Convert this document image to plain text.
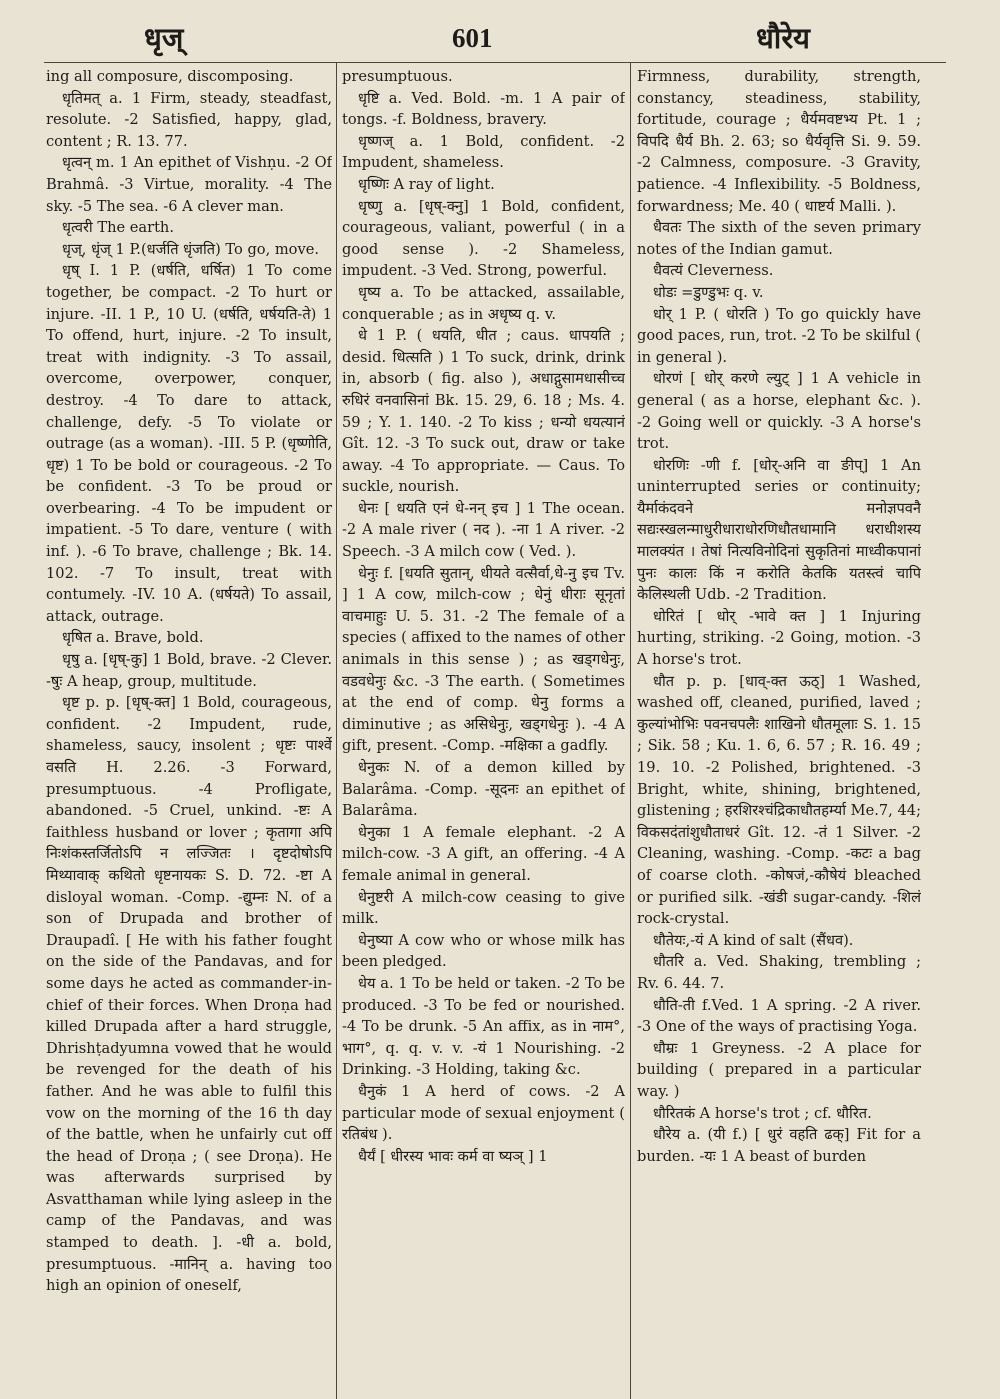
धृज्	601	धौरेय

ing all composure, discomposing.

धृतिमत् a. 1 Firm, steady, steadfast, resolute. -2 Satisfied, happy, glad, content ; R. 13. 77.

धृत्वन् m. 1 An epithet of Vishṇu. -2 Of Brahmâ. -3 Virtue, morality. -4 The sky. -5 The sea. -6 A clever man.

धृत्वरी The earth.

धृज्, धृंज् 1 P.(धर्जति धृंजति) To go, move.

धृष् I. 1 P. (धर्षति, धर्षित) 1 To come together, be compact. -2 To hurt or injure. -II. 1 P., 10 U. (धर्षति, धर्षयति-ते) 1 To offend, hurt, injure. -2 To insult, treat with indignity. -3 To assail, overcome, overpower, conquer, destroy. -4 To dare to attack, challenge, defy. -5 To violate or outrage (as a woman). -III. 5 P. (धृष्णोति, धृष्ट) 1 To be bold or courageous. -2 To be confident. -3 To be proud or overbearing. -4 To be impudent or impatient. -5 To dare, venture ( with inf. ). -6 To brave, challenge ; Bk. 14. 102. -7 To insult, treat with contumely. -IV. 10 A. (धर्षयते) To assail, attack, outrage.

धृषित a. Brave, bold.

धृषु a. [धृष्-कु] 1 Bold, brave. -2 Clever. -षुः A heap, group, multitude.

धृष्ट p. p. [धृष्-क्त] 1 Bold, courageous, confident. -2 Impudent, rude, shameless, saucy, insolent ; धृष्टः पार्श्वे वसति H. 2.26. -3 Forward, presumptuous. -4 Profligate, abandoned. -5 Cruel, unkind. -ष्टः A faithless husband or lover ; कृतागा अपि निःशंकस्तर्जितोऽपि न लज्जितः । दृष्टदोषोऽपि मिथ्यावाक् कथितो धृष्टनायकः S. D. 72. -ष्टा A disloyal woman. -Comp. -द्युम्नः N. of a son of Drupada and brother of Draupadî. [ He with his father fought on the side of the Pandavas, and for some days he acted as commander-in-chief of their forces. When Droṇa had killed Drupada after a hard struggle, Dhrishṭadyumna vowed that he would be revenged for the death of his father. And he was able to fulfil this vow on the morning of the 16 th day of the battle, when he unfairly cut off the head of Droṇa ; ( see Droṇa). He was afterwards surprised by Asvatthaman while lying asleep in the camp of the Pandavas, and was stamped to death. ]. -धी a. bold, presumptuous. -मानिन् a. having too high an opinion of oneself,

presumptuous.

धृष्टि a. Ved. Bold. -m. 1 A pair of tongs. -f. Boldness, bravery.

धृष्णज् a. 1 Bold, confident. -2 Impudent, shameless.

धृष्णिः A ray of light.

धृष्णु a. [धृष्-क्नु] 1 Bold, confident, courageous, valiant, powerful ( in a good sense ). -2 Shameless, impudent. -3 Ved. Strong, powerful.

धृष्य a. To be attacked, assailable, conquerable ; as in अधृष्य q. v.

धे 1 P. ( धयति, धीत ; caus. धापयति ; desid. धित्सति ) 1 To suck, drink, drink in, absorb ( fig. also ), अधाद्गुसामधासीच्च रुधिरं वनवासिनां Bk. 15. 29, 6. 18 ; Ms. 4. 59 ; Y. 1. 140. -2 To kiss ; धन्यो धयत्यानं Gît. 12. -3 To suck out, draw or take away. -4 To appropriate. — Caus. To suckle, nourish.

धेनः [ धयति एनं धे-नन् इच ] 1 The ocean. -2 A male river ( नद ). -ना 1 A river. -2 Speech. -3 A milch cow ( Ved. ).

धेनुः f. [धयति सुतान्, धीयते वत्सैर्वा,धे-नु इच Tv. ] 1 A cow, milch-cow ; धेनुं धीराः सूनृतां वाचमाहुः U. 5. 31. -2 The female of a species ( affixed to the names of other animals in this sense ) ; as खड्गधेनुः, वडवधेनुः &c. -3 The earth. ( Sometimes at the end of comp. धेनु forms a diminutive ; as असिधेनुः, खड्गधेनुः ). -4 A gift, present. -Comp. -मक्षिका a gadfly.

धेनुकः N. of a demon killed by Balarâma. -Comp. -सूदनः an epithet of Balarâma.

धेनुका 1 A female elephant. -2 A milch-cow. -3 A gift, an offering. -4 A female animal in general.

धेनुष्टरी A milch-cow ceasing to give milk.

धेनुष्या A cow who or whose milk has been pledged.

धेय a. 1 To be held or taken. -2 To be produced. -3 To be fed or nourished. -4 To be drunk. -5 An affix, as in नाम°, भाग°, q. q. v. v. -यं 1 Nourishing. -2 Drinking. -3 Holding, taking &c.

धैनुकं 1 A herd of cows. -2 A particular mode of sexual enjoyment ( रतिबंध ).

धैर्यं [ धीरस्य भावः कर्म वा ष्यञ् ] 1

Firmness, durability, strength, constancy, steadiness, stability, fortitude, courage ; धैर्यमवष्टभ्य Pt. 1 ; विपदि धैर्य Bh. 2. 63; so धैर्यवृत्ति Si. 9. 59. -2 Calmness, composure. -3 Gravity, patience. -4 Inflexibility. -5 Boldness, forwardness; Me. 40 ( धाष्टर्य Malli. ).

धैवतः The sixth of the seven primary notes of the Indian gamut.

धैवत्यं Cleverness.

धोडः =डुण्डुभः q. v.

धोर् 1 P. ( धोरति ) To go quickly have good paces, run, trot. -2 To be skilful ( in general ).

धोरणं [ धोर् करणे ल्युट् ] 1 A vehicle in general ( as a horse, elephant &c. ). -2 Going well or quickly. -3 A horse's trot.

धोरणिः -णी f. [धोर्-अनि वा ङीप्] 1 An uninterrupted series or continuity; यैर्माकंदवने मनोज्ञपवनै सद्यःस्खलन्माधुरीधाराधोरणिधौतधामानि धराधीशस्य मालक्यंत । तेषां नित्यविनोदिनां सुकृतिनां माध्वीकपानां पुनः कालः किं न करोति केतकि यतस्त्वं चापि केलिस्थली Udb. -2 Tradition.

धोरितं [ धोर् -भावे क्त ] 1 Injuring hurting, striking. -2 Going, motion. -3 A horse's trot.

धौत p. p. [धाव्-क्त ऊठ्] 1 Washed, washed off, cleaned, purified, laved ; कुल्यांभोभिः पवनचपलैः शाखिनो धौतमूलाः S. 1. 15 ; Sik. 58 ; Ku. 1. 6, 6. 57 ; R. 16. 49 ; 19. 10. -2 Polished, brightened. -3 Bright, white, shining, brightened, glistening ; हरशिरश्चंद्रिकाधौतहर्म्या Me.7, 44; विकसदंतांशुधौताधरं Gît. 12. -तं 1 Silver. -2 Cleaning, washing. -Comp. -कटः a bag of coarse cloth. -कोषजं,-कौषेयं bleached or purified silk. -खंडी sugar-candy. -शिलं rock-crystal.

धौतेयः,-यं A kind of salt (सैंधव).

धौतरि a. Ved. Shaking, trembling ; Rv. 6. 44. 7.

धौति-ती f.Ved. 1 A spring. -2 A river. -3 One of the ways of practising Yoga.

धौम्रः 1 Greyness. -2 A place for building ( prepared in a particular way. )

धौरितकं A horse's trot ; cf. धौरित.

धौरेय a. (यी f.) [ धुरं वहति ढक्] Fit for a burden. -यः 1 A beast of burden
